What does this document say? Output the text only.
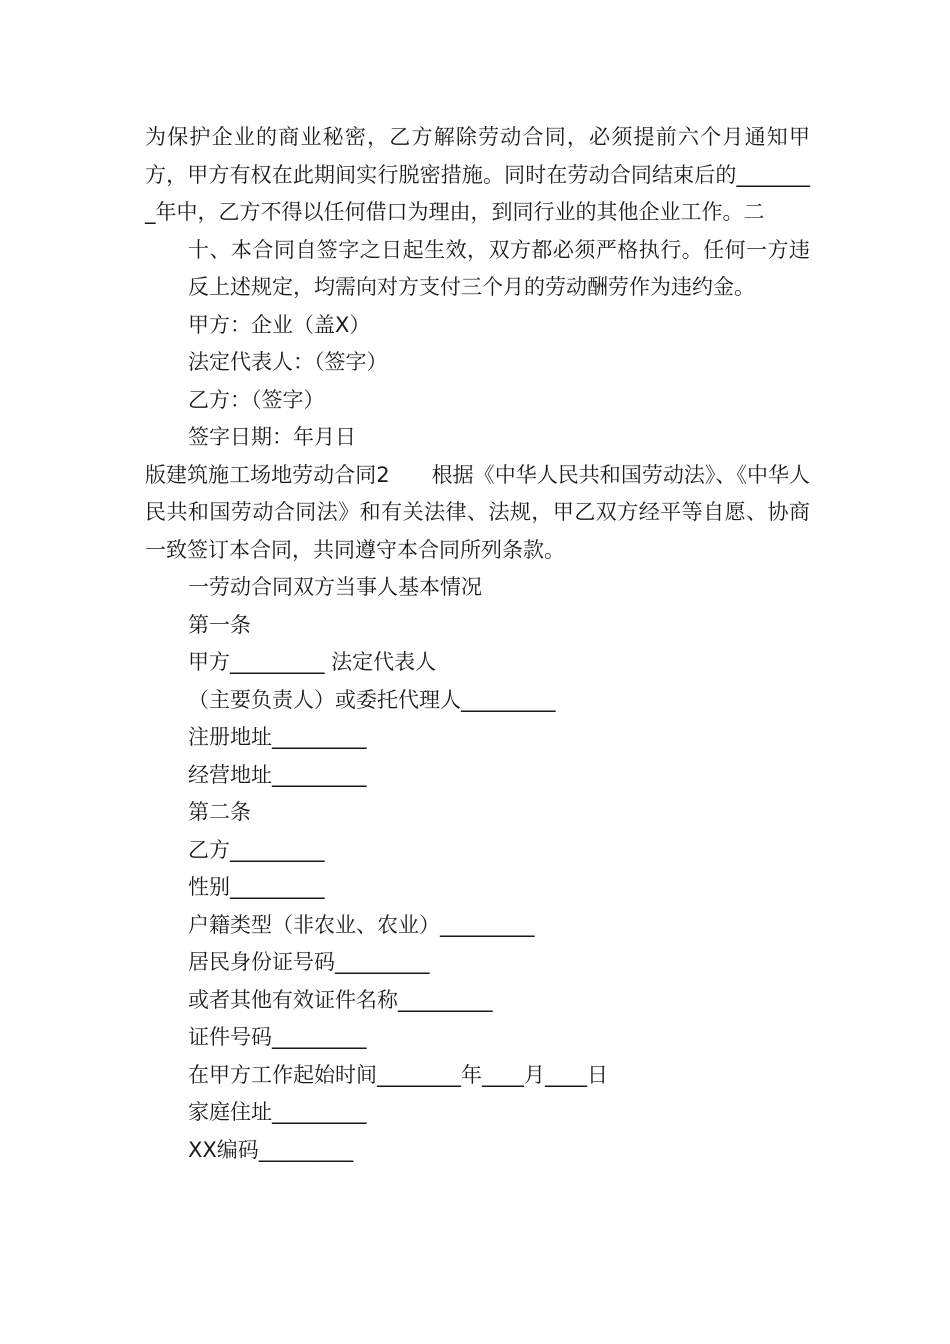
为保护企业的商业秘密，乙方解除劳动合同，必须提前六个月通知甲方，甲方有权在此期间实行脱密措施。同时在劳动合同结束后的________年中，乙方不得以任何借口为理由，到同行业的其他企业工作。二

十、本合同自签字之日起生效，双方都必须严格执行。任何一方违反上述规定，均需向对方支付三个月的劳动酬劳作为违约金。

甲方：企业（盖X）

法定代表人：（签字）

乙方：（签字）

签字日期：年月日

版建筑施工场地劳动合同2　　根据《中华人民共和国劳动法》、《中华人民共和国劳动合同法》和有关法律、法规，甲乙双方经平等自愿、协商一致签订本合同，共同遵守本合同所列条款。

一劳动合同双方当事人基本情况

第一条

甲方_________ 法定代表人

（主要负责人）或委托代理人_________

注册地址_________

经营地址_________

第二条

乙方_________

性别_________

户籍类型（非农业、农业）_________

居民身份证号码_________

或者其他有效证件名称_________

证件号码_________

在甲方工作起始时间________年____月____日

家庭住址_________

XX编码_________
